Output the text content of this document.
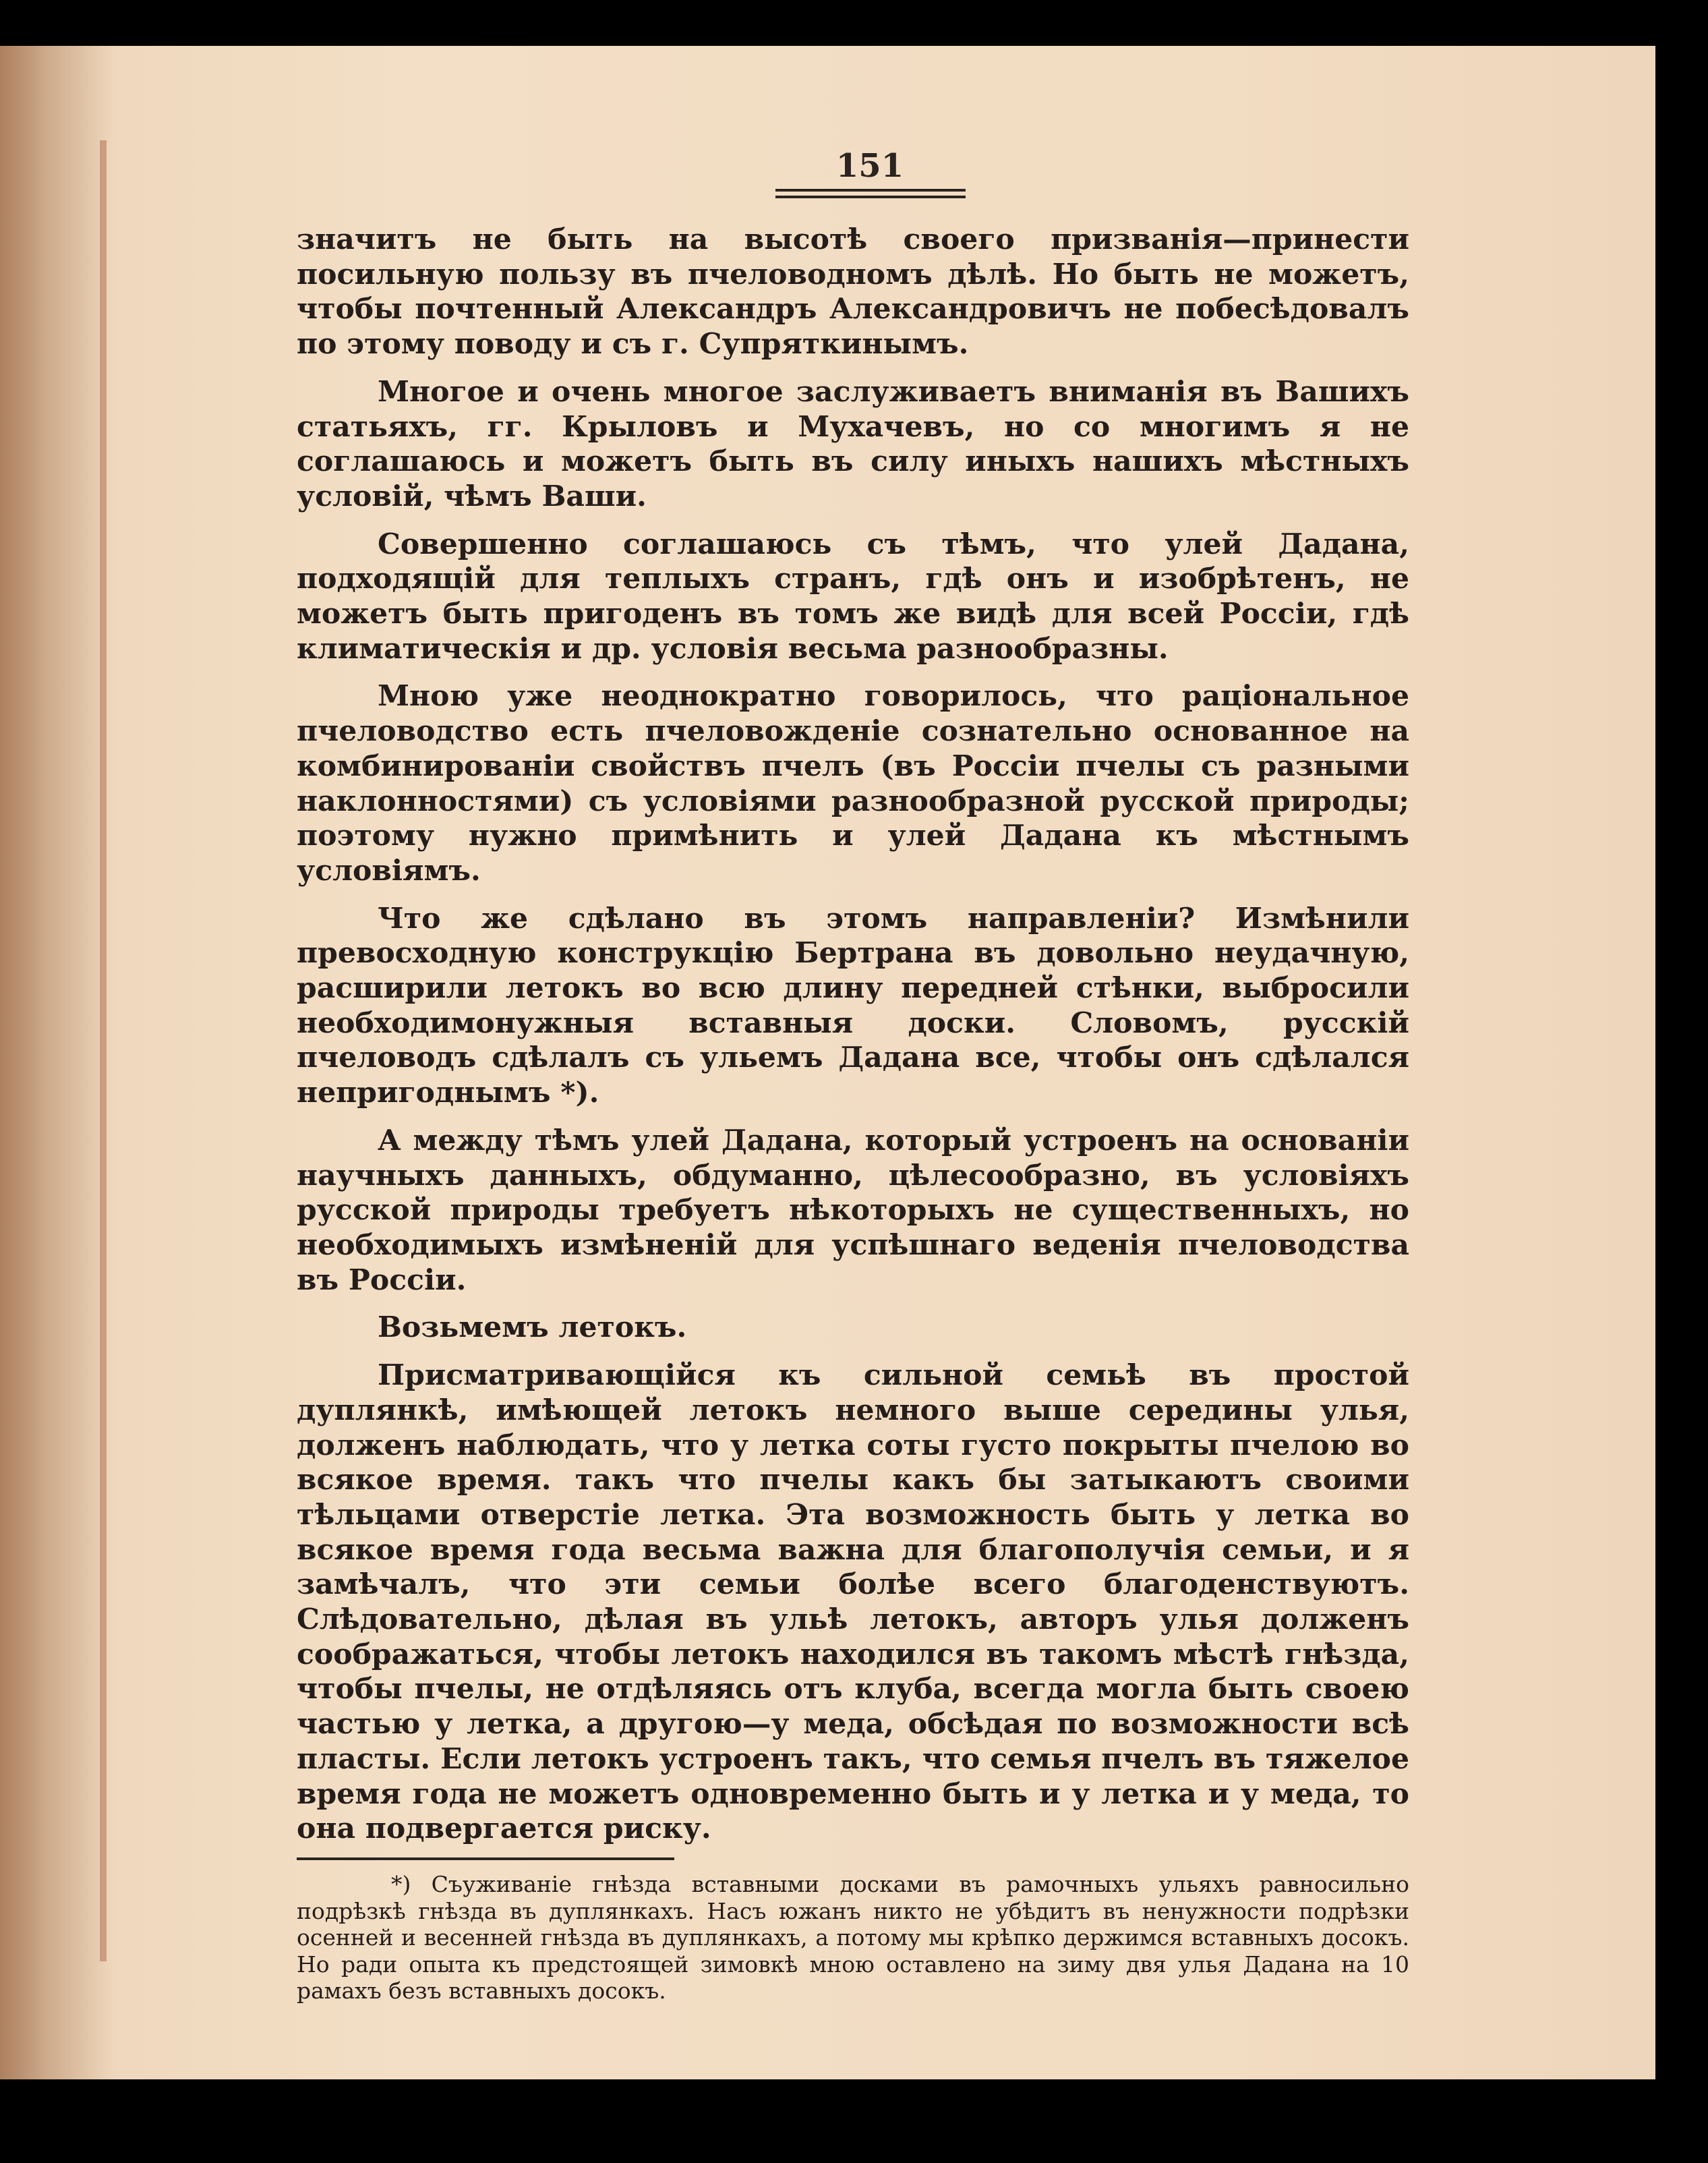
151

значитъ не быть на высотѣ своего призванія—принести посильную пользу въ пчеловодномъ дѣлѣ. Но быть не можетъ, чтобы почтенный Александръ Александровичъ не побесѣдовалъ по этому поводу и съ г. Супряткинымъ.

Многое и очень многое заслуживаетъ вниманія въ Вашихъ статьяхъ, гг. Крыловъ и Мухачевъ, но со многимъ я не соглашаюсь и можетъ быть въ силу иныхъ нашихъ мѣстныхъ условій, чѣмъ Ваши.

Совершенно соглашаюсь съ тѣмъ, что улей Дадана, подходящій для теплыхъ странъ, гдѣ онъ и изобрѣтенъ, не можетъ быть пригоденъ въ томъ же видѣ для всей Россіи, гдѣ климатическія и др. условія весьма разнообразны.

Мною уже неоднократно говорилось, что раціональное пчеловодство есть пчеловожденіе сознательно основанное на комбинированіи свойствъ пчелъ (въ Россіи пчелы съ разными наклонностями) съ условіями разнообразной русской природы; поэтому нужно примѣнить и улей Дадана къ мѣстнымъ условіямъ.

Что же сдѣлано въ этомъ направленіи? Измѣнили превосходную конструкцію Бертрана въ довольно неудачную, расширили летокъ во всю длину передней стѣнки, выбросили необходимонужныя вставныя доски. Словомъ, русскій пчеловодъ сдѣлалъ съ ульемъ Дадана все, чтобы онъ сдѣлался непригоднымъ *).

А между тѣмъ улей Дадана, который устроенъ на основаніи научныхъ данныхъ, обдуманно, цѣлесообразно, въ условіяхъ русской природы требуетъ нѣкоторыхъ не существенныхъ, но необходимыхъ измѣненій для успѣшнаго веденія пчеловодства въ Россіи.

Возьмемъ летокъ.

Присматривающійся къ сильной семьѣ въ простой дуплянкѣ, имѣющей летокъ немного выше середины улья, долженъ наблюдать, что у летка соты густо покрыты пчелою во всякое время. такъ что пчелы какъ бы затыкаютъ своими тѣльцами отверстіе летка. Эта возможность быть у летка во всякое время года весьма важна для благополучія семьи, и я замѣчалъ, что эти семьи болѣе всего благоденствуютъ. Слѣдовательно, дѣлая въ ульѣ летокъ, авторъ улья долженъ соображаться, чтобы летокъ находился въ такомъ мѣстѣ гнѣзда, чтобы пчелы, не отдѣляясь отъ клуба, всегда могла быть своею частью у летка, а другою—у меда, обсѣдая по возможности всѣ пласты. Если летокъ устроенъ такъ, что семья пчелъ въ тяжелое время года не можетъ одновременно быть и у летка и у меда, то она подвергается риску.

*) Съуживаніе гнѣзда вставными досками въ рамочныхъ ульяхъ равносильно подрѣзкѣ гнѣзда въ дуплянкахъ. Насъ южанъ никто не убѣдитъ въ ненужности подрѣзки осенней и весенней гнѣзда въ дуплянкахъ, а потому мы крѣпко держимся вставныхъ досокъ. Но ради опыта къ предстоящей зимовкѣ мною оставлено на зиму двя улья Дадана на 10 рамахъ безъ вставныхъ досокъ.
